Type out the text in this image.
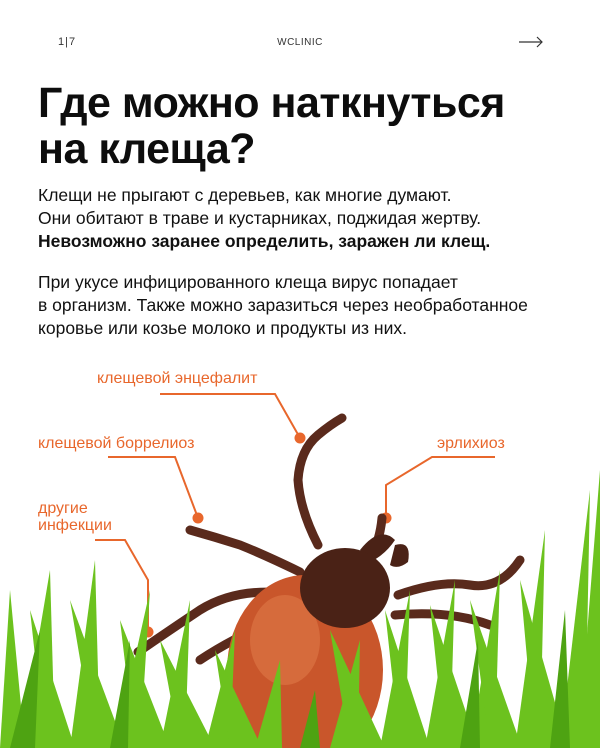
1|7	WCLINIC
Где можно наткнуться
на клеща?

Клещи не прыгают с деревьев, как многие думают.
Они обитают в траве и кустарниках, поджидая жертву.
Невозможно заранее определить, заражен ли клещ.

При укусе инфицированного клеща вирус попадает
в организм. Также можно заразиться через необработанное
коровье или козье молоко и продукты из них.

клещевой энцефалит
клещевой боррелиоз	эрлихиоз
другие
инфекции
